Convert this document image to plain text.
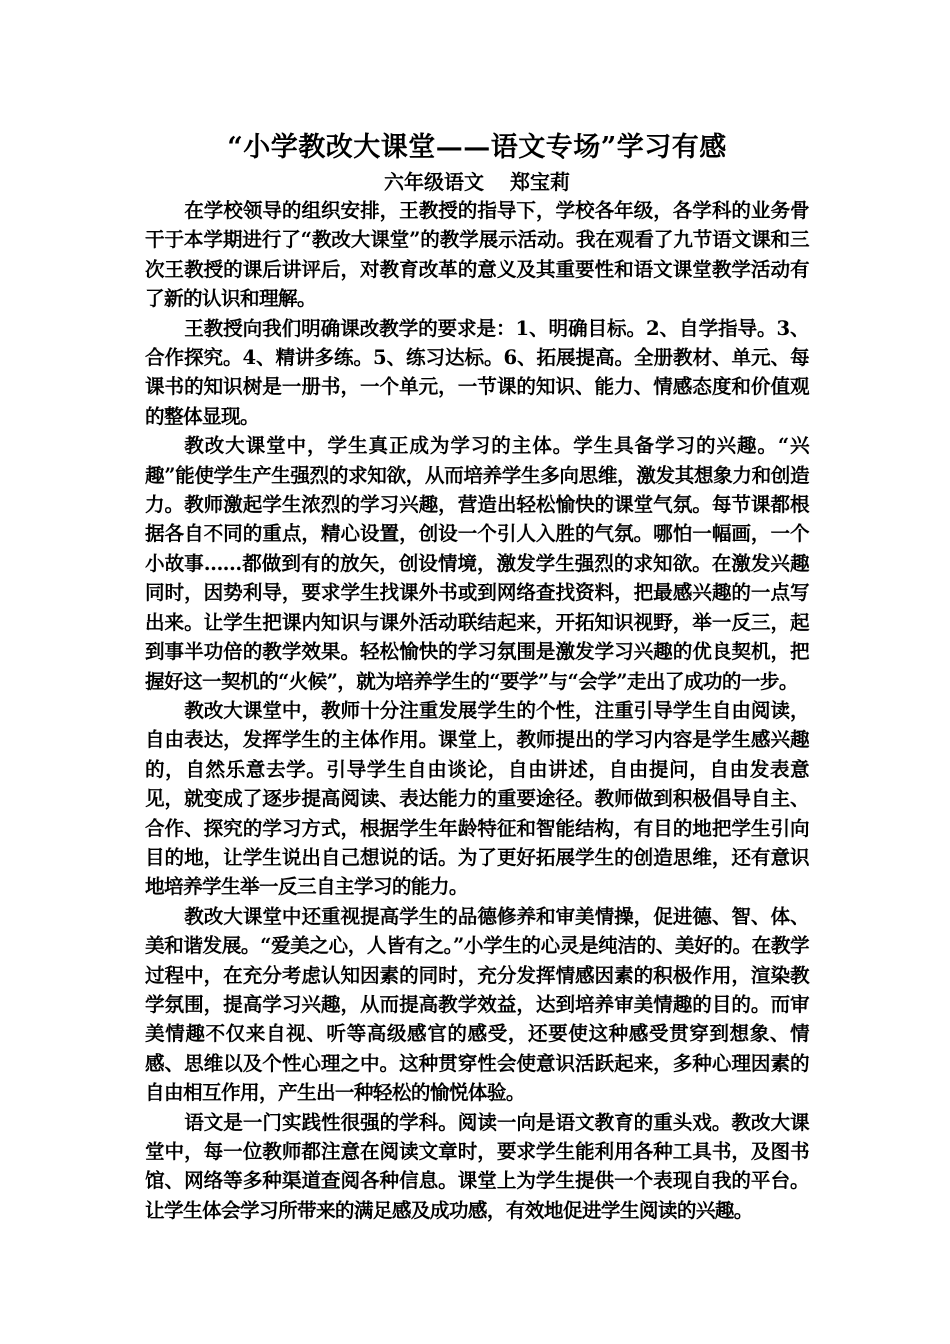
“小学教改大课堂——语文专场”学习有感

六年级语文 郑宝莉

在学校领导的组织安排，王教授的指导下，学校各年级，各学科的业务骨干于本学期进行了“教改大课堂”的教学展示活动。我在观看了九节语文课和三次王教授的课后讲评后，对教育改革的意义及其重要性和语文课堂教学活动有了新的认识和理解。

王教授向我们明确课改教学的要求是：1、明确目标。2、自学指导。3、合作探究。4、精讲多练。5、练习达标。6、拓展提高。全册教材、单元、每课书的知识树是一册书，一个单元，一节课的知识、能力、情感态度和价值观的整体显现。

教改大课堂中，学生真正成为学习的主体。学生具备学习的兴趣。“兴趣”能使学生产生强烈的求知欲，从而培养学生多向思维，激发其想象力和创造力。教师激起学生浓烈的学习兴趣，营造出轻松愉快的课堂气氛。每节课都根据各自不同的重点，精心设置，创设一个引人入胜的气氛。哪怕一幅画，一个小故事……都做到有的放矢，创设情境，激发学生强烈的求知欲。在激发兴趣同时，因势利导，要求学生找课外书或到网络查找资料，把最感兴趣的一点写出来。让学生把课内知识与课外活动联结起来，开拓知识视野，举一反三，起到事半功倍的教学效果。轻松愉快的学习氛围是激发学习兴趣的优良契机，把握好这一契机的“火候”，就为培养学生的“要学”与“会学”走出了成功的一步。

教改大课堂中，教师十分注重发展学生的个性，注重引导学生自由阅读，自由表达，发挥学生的主体作用。课堂上，教师提出的学习内容是学生感兴趣的，自然乐意去学。引导学生自由谈论，自由讲述，自由提问，自由发表意见，就变成了逐步提高阅读、表达能力的重要途径。教师做到积极倡导自主、合作、探究的学习方式，根据学生年龄特征和智能结构，有目的地把学生引向目的地，让学生说出自己想说的话。为了更好拓展学生的创造思维，还有意识地培养学生举一反三自主学习的能力。

教改大课堂中还重视提高学生的品德修养和审美情操，促进德、智、体、美和谐发展。“爱美之心，人皆有之。”小学生的心灵是纯洁的、美好的。在教学过程中，在充分考虑认知因素的同时，充分发挥情感因素的积极作用，渲染教学氛围，提高学习兴趣，从而提高教学效益，达到培养审美情趣的目的。而审美情趣不仅来自视、听等高级感官的感受，还要使这种感受贯穿到想象、情感、思维以及个性心理之中。这种贯穿性会使意识活跃起来，多种心理因素的自由相互作用，产生出一种轻松的愉悦体验。

语文是一门实践性很强的学科。阅读一向是语文教育的重头戏。教改大课堂中，每一位教师都注意在阅读文章时，要求学生能利用各种工具书，及图书馆、网络等多种渠道查阅各种信息。课堂上为学生提供一个表现自我的平台。让学生体会学习所带来的满足感及成功感，有效地促进学生阅读的兴趣。
